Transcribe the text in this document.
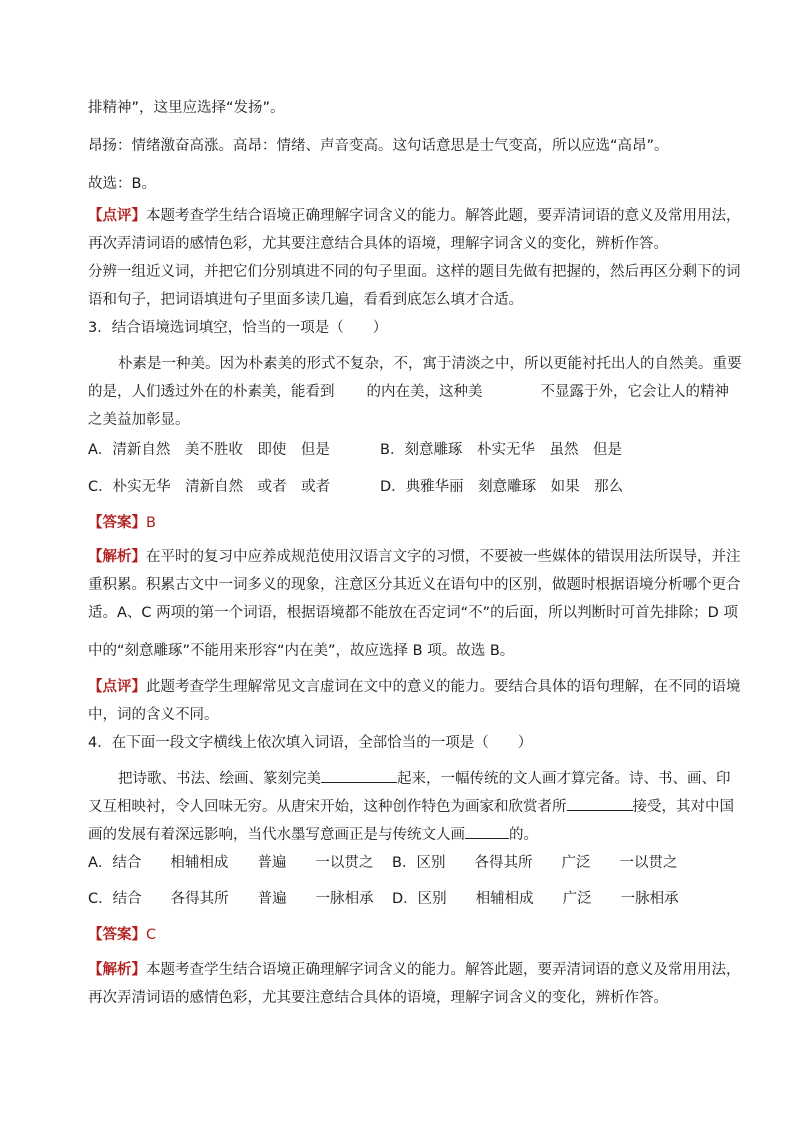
排精神”，这里应选择“发扬”。
昂扬：情绪激奋高涨。高昂：情绪、声音变高。这句话意思是士气变高，所以应选“高昂”。
故选：B。
【点评】本题考查学生结合语境正确理解字词含义的能力。解答此题，要弄清词语的意义及常用用法，
再次弄清词语的感情色彩，尤其要注意结合具体的语境，理解字词含义的变化，辨析作答。
分辨一组近义词，并把它们分别填进不同的句子里面。这样的题目先做有把握的，然后再区分剩下的词
语和句子，把词语填进句子里面多读几遍，看看到底怎么填才合适。
3．结合语境选词填空，恰当的一项是（　　）
朴素是一种美。因为朴素美的形式不复杂，不，寓于清淡之中，所以更能衬托出人的自然美。重要
的是，人们透过外在的朴素美，能看到 的内在美，这种美	不显露于外，它会让人的精神
之美益加彰显。
A．清新自然　美不胜收　即使　但是	B．刻意雕琢　朴实无华　虽然　但是
C．朴实无华　清新自然　或者　或者	D．典雅华丽　刻意雕琢　如果　那么
【答案】B
【解析】在平时的复习中应养成规范使用汉语言文字的习惯，不要被一些媒体的错误用法所误导，并注
重积累。积累古文中一词多义的现象，注意区分其近义在语句中的区别，做题时根据语境分析哪个更合
适。A、C 两项的第一个词语，根据语境都不能放在否定词“不”的后面，所以判断时可首先排除；D 项
中的“刻意雕琢”不能用来形容“内在美”，故应选择 B 项。故选 B。
【点评】此题考查学生理解常见文言虚词在文中的意义的能力。要结合具体的语句理解，在不同的语境
中，词的含义不同。
4．在下面一段文字横线上依次填入词语，全部恰当的一项是（　　）
把诗歌、书法、绘画、篆刻完美	起来，一幅传统的文人画才算完备。诗、书、画、印
又互相映衬，令人回味无穷。从唐宋开始，这种创作特色为画家和欣赏者所	接受，其对中国
画的发展有着深远影响，当代水墨写意画正是与传统文人画	的。
A．结合　　相辅相成　　普遍　　一以贯之 B．区别　　各得其所　　广泛　　一以贯之
C．结合　　各得其所　　普遍　　一脉相承 D．区别　　相辅相成　　广泛　　一脉相承
【答案】C
【解析】本题考查学生结合语境正确理解字词含义的能力。解答此题，要弄清词语的意义及常用用法，
再次弄清词语的感情色彩，尤其要注意结合具体的语境，理解字词含义的变化，辨析作答。
